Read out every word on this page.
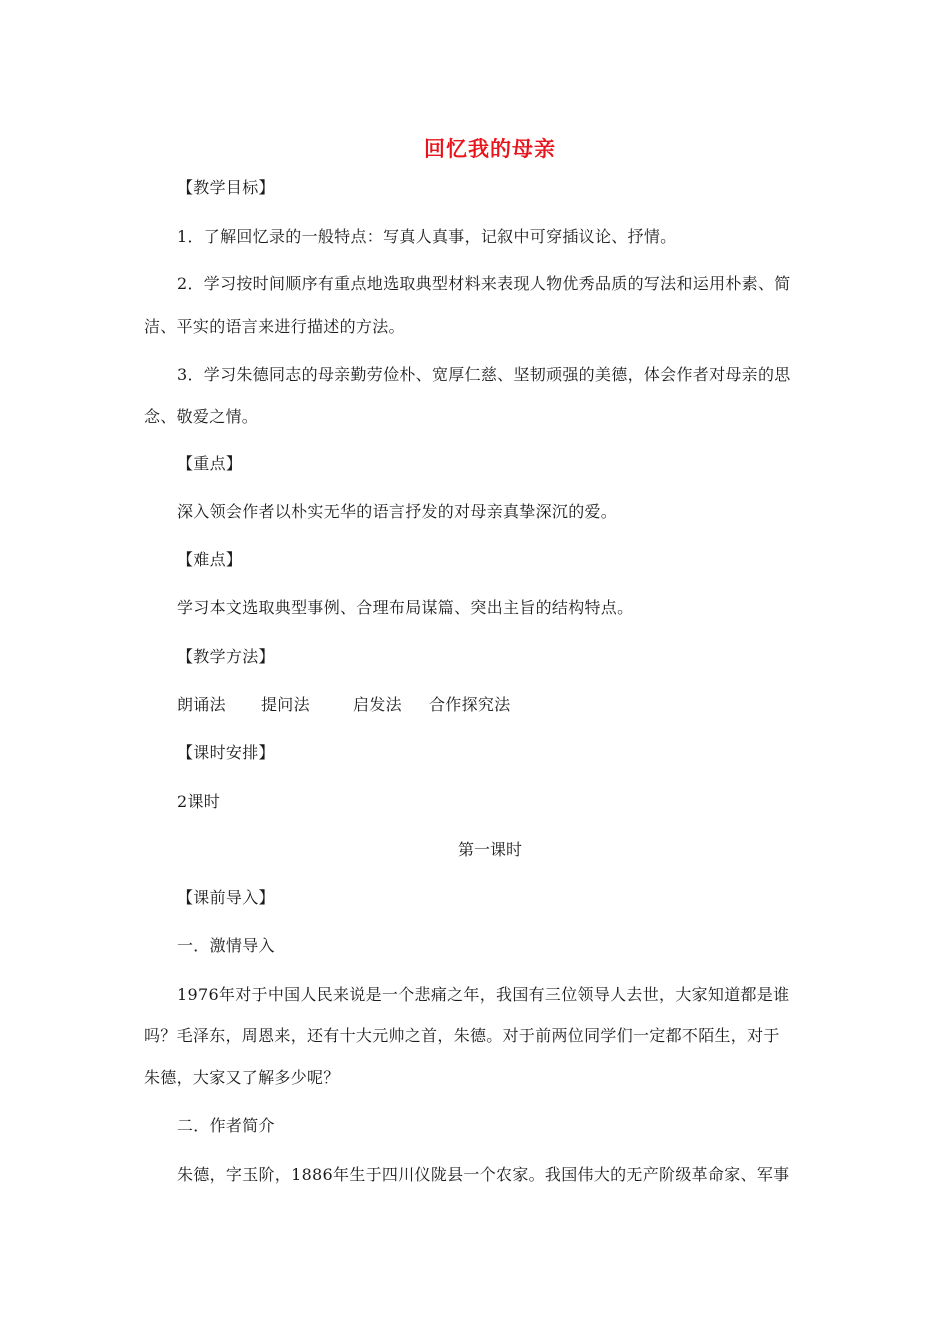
回忆我的母亲
【教学目标】
1．了解回忆录的一般特点：写真人真事，记叙中可穿插议论、抒情。
2．学习按时间顺序有重点地选取典型材料来表现人物优秀品质的写法和运用朴素、简
洁、平实的语言来进行描述的方法。
3．学习朱德同志的母亲勤劳俭朴、宽厚仁慈、坚韧顽强的美德，体会作者对母亲的思
念、敬爱之情。
【重点】
深入领会作者以朴实无华的语言抒发的对母亲真挚深沉的爱。
【难点】
学习本文选取典型事例、合理布局谋篇、突出主旨的结构特点。
【教学方法】
朗诵法 提问法	启发法 合作探究法
【课时安排】
2课时
第一课时
【课前导入】
一．激情导入
1976年对于中国人民来说是一个悲痛之年，我国有三位领导人去世，大家知道都是谁
吗？毛泽东，周恩来，还有十大元帅之首，朱德。对于前两位同学们一定都不陌生，对于
朱德，大家又了解多少呢？
二．作者简介
朱德，字玉阶，1886年生于四川仪陇县一个农家。我国伟大的无产阶级革命家、军事
